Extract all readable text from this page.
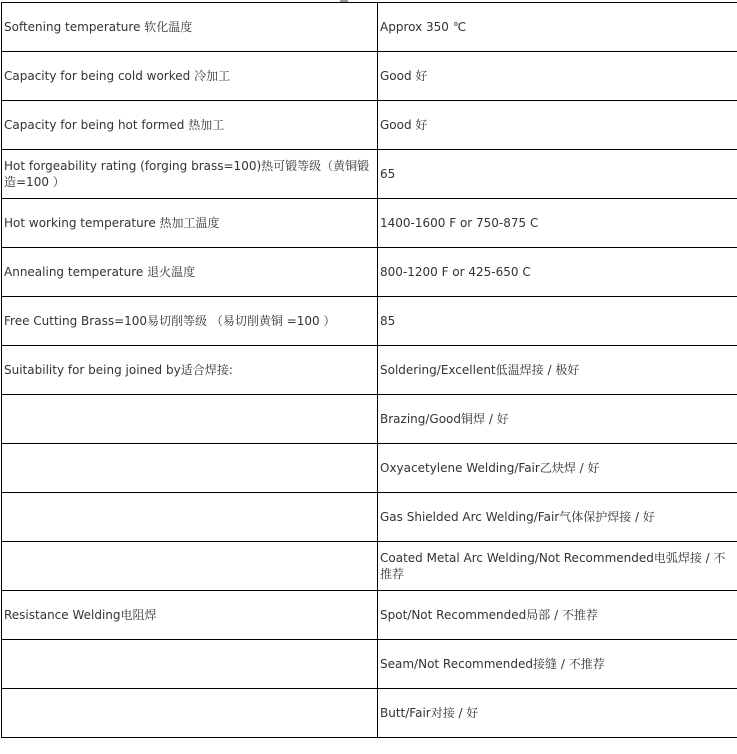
Softening temperature 软化温度	Approx 350 ℃
Capacity for being cold worked 冷加工	Good 好
Capacity for being hot formed 热加工	Good 好
Hot forgeability rating (forging brass=100)热可锻等级（黄铜锻造=100 ）	65
Hot working temperature 热加工温度	1400-1600 F or 750-875 C
Annealing temperature 退火温度	800-1200 F or 425-650 C
Free Cutting Brass=100易切削等级 （易切削黄铜 =100 ）	85
Suitability for being joined by适合焊接:	Soldering/Excellent低温焊接 / 极好
	Brazing/Good铜焊 / 好
	Oxyacetylene Welding/Fair乙炔焊 / 好
	Gas Shielded Arc Welding/Fair气体保护焊接 / 好
	Coated Metal Arc Welding/Not Recommended电弧焊接 / 不推荐
Resistance Welding电阻焊	Spot/Not Recommended局部 / 不推荐
	Seam/Not Recommended接缝 / 不推荐
	Butt/Fair对接 / 好
